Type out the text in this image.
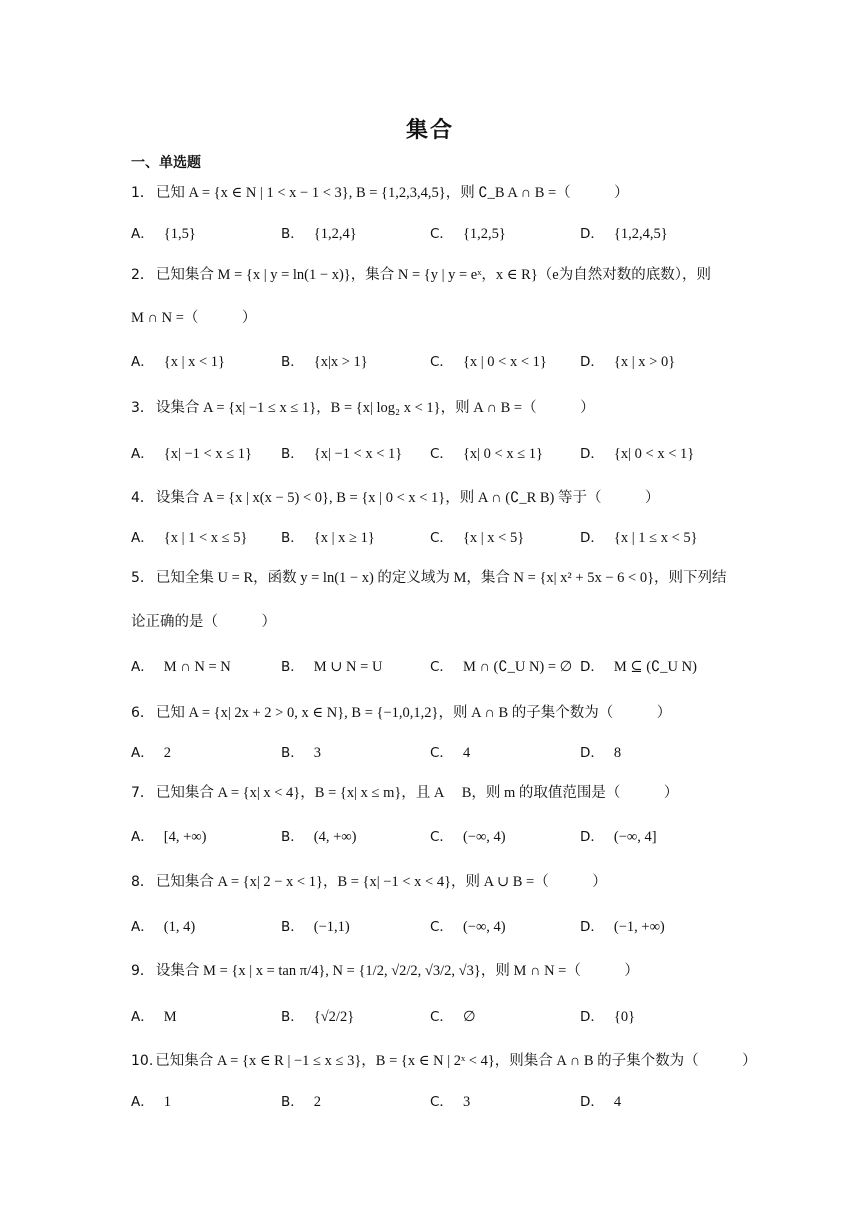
集合
一、单选题
1． 已知 A = {x ∈ N | 1 < x − 1 < 3}, B = {1,2,3,4,5}，则 ∁_B A ∩ B =（　　　）
A． {1,5}	B． {1,2,4}	C． {1,2,5}	D． {1,2,4,5}
2． 已知集合 M = {x | y = ln(1 − x)}，集合 N = {y | y = eˣ，x ∈ R}（e为自然对数的底数），则
M ∩ N =（　　　）
A． {x | x < 1}	B． {x|x > 1}	C． {x | 0 < x < 1} D． {x | x > 0}
3． 设集合 A = {x| −1 ≤ x ≤ 1}，B = {x| log₂ x < 1}，则 A ∩ B =（　　　）
A． {x| −1 < x ≤ 1} B． {x| −1 < x < 1} C． {x| 0 < x ≤ 1}	D． {x| 0 < x < 1}
4． 设集合 A = {x | x(x − 5) < 0}, B = {x | 0 < x < 1}，则 A ∩ (∁_R B) 等于（　　　）
A． {x | 1 < x ≤ 5} B． {x | x ≥ 1}	C． {x | x < 5}	D． {x | 1 ≤ x < 5}
5． 已知全集 U = R，函数 y = ln(1 − x) 的定义域为 M，集合 N = {x| x² + 5x − 6 < 0}，则下列结
论正确的是（　　　）
A． M ∩ N = N	B． M ∪ N = U	C． M ∩ (∁_U N) = ∅ D． M ⊆ (∁_U N)
6． 已知 A = {x| 2x + 2 > 0, x ∈ N}, B = {−1,0,1,2}，则 A ∩ B 的子集个数为（　　　）
A． 2	B． 3	C． 4	D． 8
7． 已知集合 A = {x| x < 4}，B = {x| x ≤ m}，且 A　 B，则 m 的取值范围是（　　　）
A． [4, +∞)	B． (4, +∞)	C． (−∞, 4)	D． (−∞, 4]
8． 已知集合 A = {x| 2 − x < 1}，B = {x| −1 < x < 4}，则 A ∪ B =（　　　）
A． (1, 4)	B． (−1,1)	C． (−∞, 4)	D． (−1, +∞)
9． 设集合 M = {x | x = tan π/4}, N = {1/2, √2/2, √3/2, √3}，则 M ∩ N =（　　　）
A． M	B． {√2/2}	C． ∅	D． {0}
10. 已知集合 A = {x ∈ R | −1 ≤ x ≤ 3}，B = {x ∈ N | 2ˣ < 4}，则集合 A ∩ B 的子集个数为（　　　）
A． 1	B． 2	C． 3	D． 4
